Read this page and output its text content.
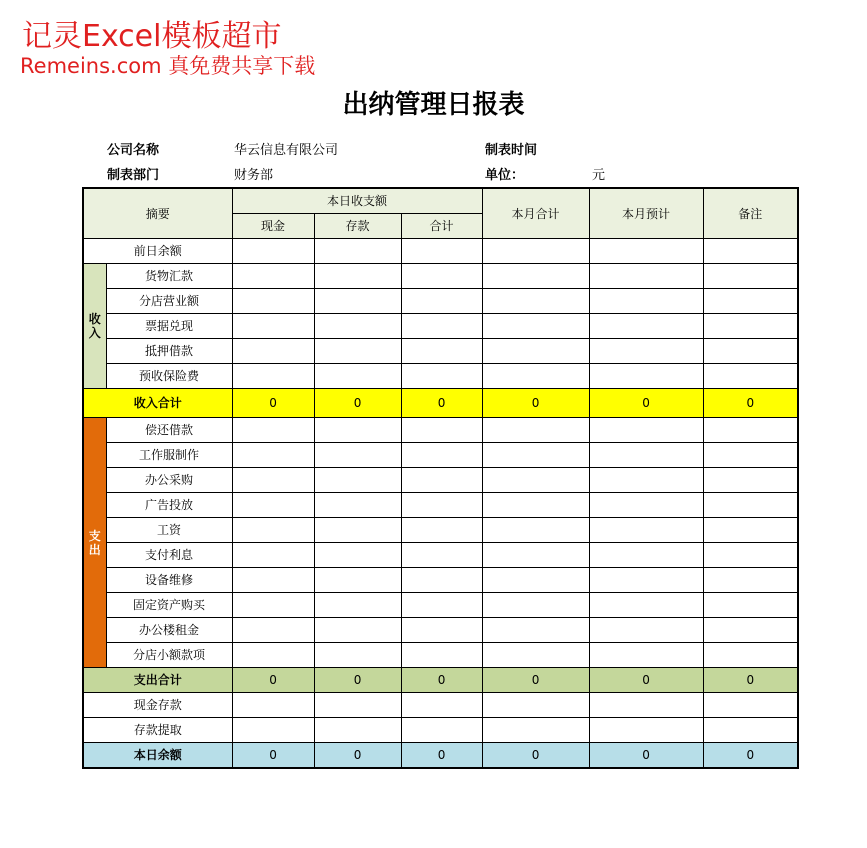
记灵Excel模板超市
Remeins.com 真免费共享下载
出纳管理日报表
公司名称	华云信息有限公司	制表时间
制表部门	财务部	单位：	元
摘要		本日收支额			本月合计	本月预计	备注
		现金	存款	合计			
前日余额							
收入	货物汇款						
	分店营业额						
	票据兑现						
	抵押借款						
	预收保险费						
收入合计		0	0	0	0	0	0
支出	偿还借款						
	工作服制作						
	办公采购						
	广告投放						
	工资						
	支付利息						
	设备维修						
	固定资产购买						
	办公楼租金						
	分店小额款项						
支出合计		0	0	0	0	0	0
现金存款							
存款提取							
本日余额		0	0	0	0	0	0
